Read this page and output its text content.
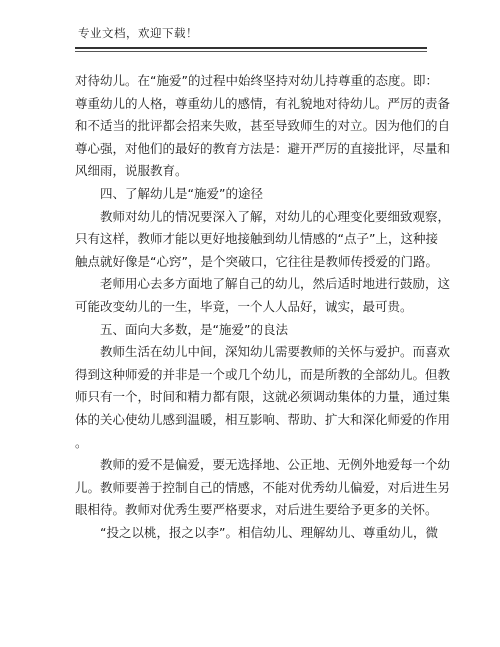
专业文档，欢迎下载！

对待幼儿。在“施爱”的过程中始终坚持对幼儿持尊重的态度。即：

尊重幼儿的人格，尊重幼儿的感情，有礼貌地对待幼儿。严厉的责备

和不适当的批评都会招来失败，甚至导致师生的对立。因为他们的自

尊心强，对他们的最好的教育方法是：避开严厉的直接批评，尽量和

风细雨，说服教育。

　　四、了解幼儿是“施爱”的途径

　　教师对幼儿的情况要深入了解，对幼儿的心理变化要细致观察，

只有这样，教师才能以更好地接触到幼儿情感的“点子”上，这种接

触点就好像是“心窍”，是个突破口，它往往是教师传授爱的门路。

　　老师用心去多方面地了解自己的幼儿，然后适时地进行鼓励，这

可能改变幼儿的一生，毕竟，一个人人品好，诚实，最可贵。

　　五、面向大多数，是“施爱”的良法

　　教师生活在幼儿中间，深知幼儿需要教师的关怀与爱护。而喜欢

得到这种师爱的并非是一个或几个幼儿，而是所教的全部幼儿。但教

师只有一个，时间和精力都有限，这就必须调动集体的力量，通过集

体的关心使幼儿感到温暖，相互影响、帮助、扩大和深化师爱的作用

。

　　教师的爱不是偏爱，要无选择地、公正地、无例外地爱每一个幼

儿。教师要善于控制自己的情感，不能对优秀幼儿偏爱，对后进生另

眼相待。教师对优秀生要严格要求，对后进生要给予更多的关怀。

　　“投之以桃，报之以李”。相信幼儿、理解幼儿、尊重幼儿，微
